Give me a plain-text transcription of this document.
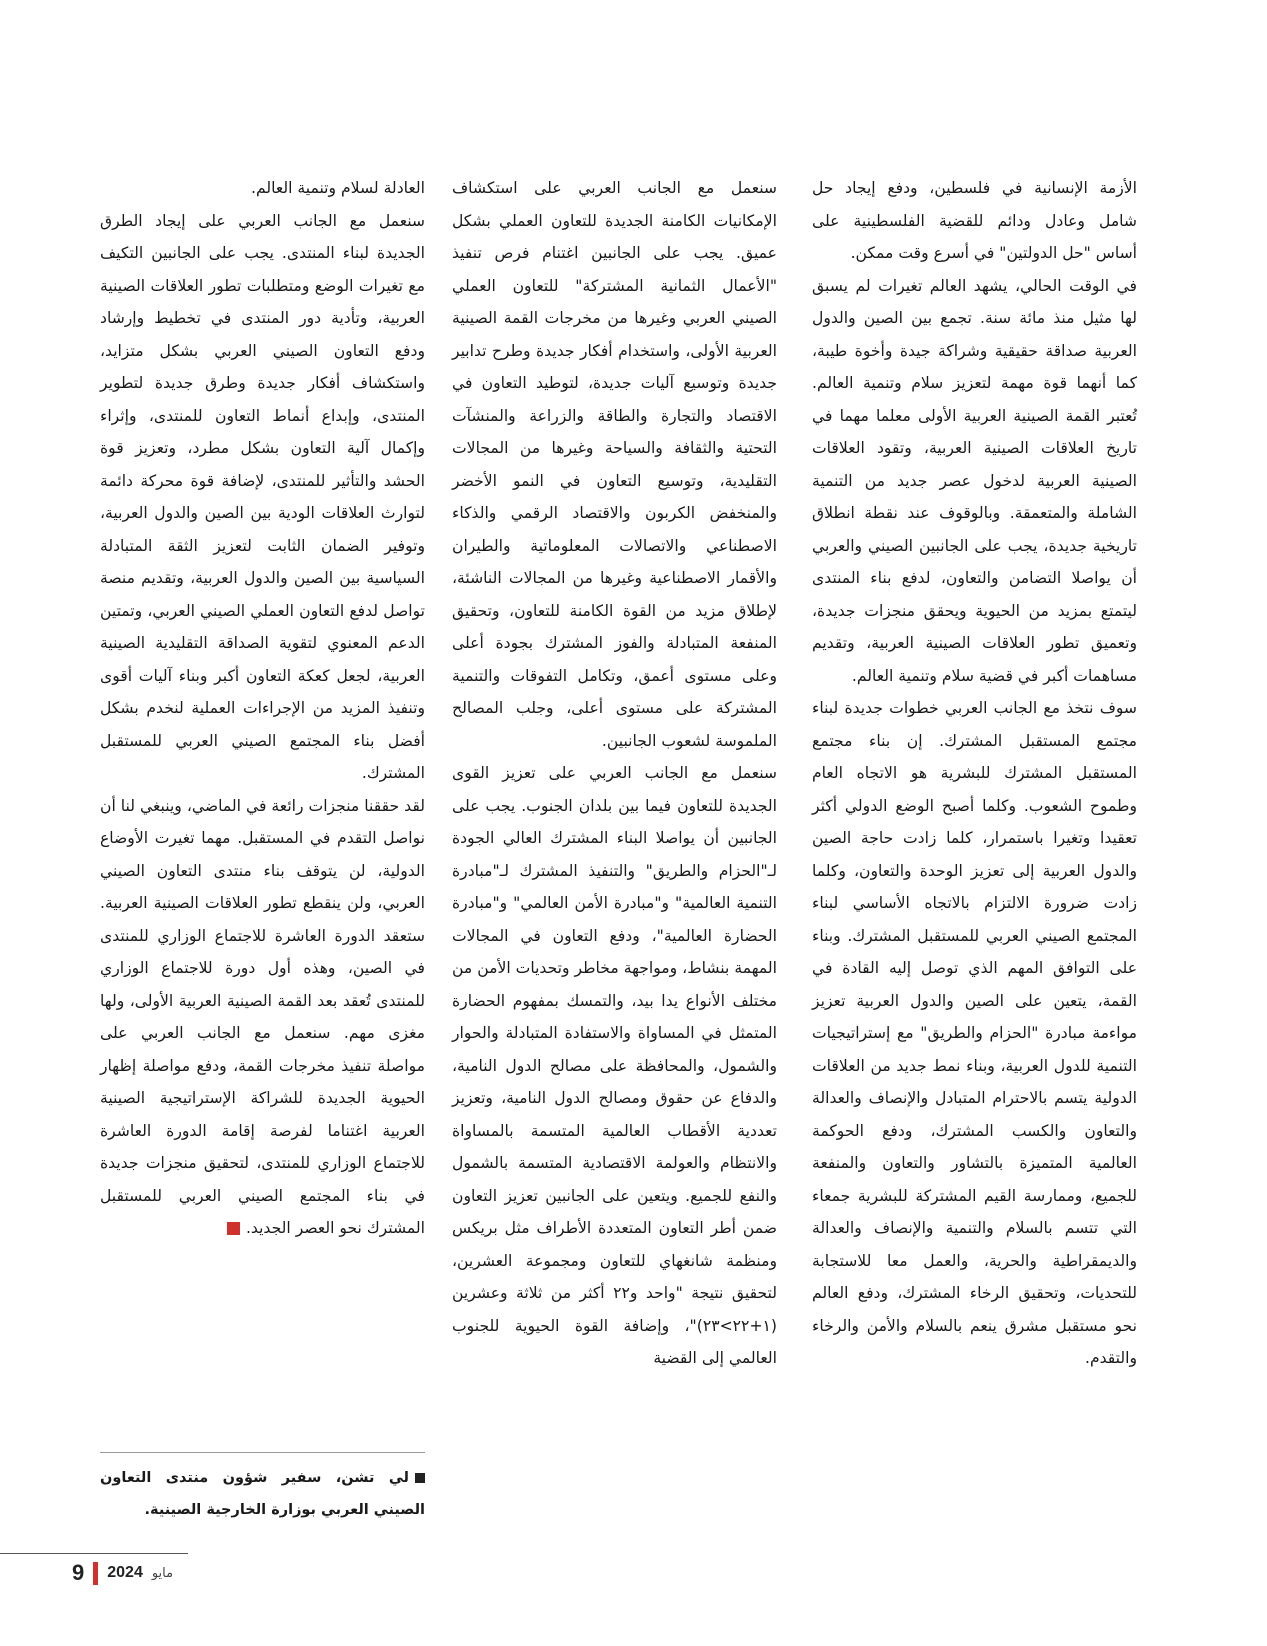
الأزمة الإنسانية في فلسطين، ودفع إيجاد حل شامل وعادل ودائم للقضية الفلسطينية على أساس "حل الدولتين" في أسرع وقت ممكن.

في الوقت الحالي، يشهد العالم تغيرات لم يسبق لها مثيل منذ مائة سنة. تجمع بين الصين والدول العربية صداقة حقيقية وشراكة جيدة وأخوة طيبة، كما أنهما قوة مهمة لتعزيز سلام وتنمية العالم. تُعتبر القمة الصينية العربية الأولى معلما مهما في تاريخ العلاقات الصينية العربية، وتقود العلاقات الصينية العربية لدخول عصر جديد من التنمية الشاملة والمتعمقة. وبالوقوف عند نقطة انطلاق تاريخية جديدة، يجب على الجانبين الصيني والعربي أن يواصلا التضامن والتعاون، لدفع بناء المنتدى ليتمتع بمزيد من الحيوية ويحقق منجزات جديدة، وتعميق تطور العلاقات الصينية العربية، وتقديم مساهمات أكبر في قضية سلام وتنمية العالم.

سوف نتخذ مع الجانب العربي خطوات جديدة لبناء مجتمع المستقبل المشترك. إن بناء مجتمع المستقبل المشترك للبشرية هو الاتجاه العام وطموح الشعوب. وكلما أصبح الوضع الدولي أكثر تعقيدا وتغيرا باستمرار، كلما زادت حاجة الصين والدول العربية إلى تعزيز الوحدة والتعاون، وكلما زادت ضرورة الالتزام بالاتجاه الأساسي لبناء المجتمع الصيني العربي للمستقبل المشترك. وبناء على التوافق المهم الذي توصل إليه القادة في القمة، يتعين على الصين والدول العربية تعزيز مواءمة مبادرة "الحزام والطريق" مع إستراتيجيات التنمية للدول العربية، وبناء نمط جديد من العلاقات الدولية يتسم بالاحترام المتبادل والإنصاف والعدالة والتعاون والكسب المشترك، ودفع الحوكمة العالمية المتميزة بالتشاور والتعاون والمنفعة للجميع، وممارسة القيم المشتركة للبشرية جمعاء التي تتسم بالسلام والتنمية والإنصاف والعدالة والديمقراطية والحرية، والعمل معا للاستجابة للتحديات، وتحقيق الرخاء المشترك، ودفع العالم نحو مستقبل مشرق ينعم بالسلام والأمن والرخاء والتقدم.

سنعمل مع الجانب العربي على استكشاف الإمكانيات الكامنة الجديدة للتعاون العملي بشكل عميق. يجب على الجانبين اغتنام فرص تنفيذ "الأعمال الثمانية المشتركة" للتعاون العملي الصيني العربي وغيرها من مخرجات القمة الصينية العربية الأولى، واستخدام أفكار جديدة وطرح تدابير جديدة وتوسيع آليات جديدة، لتوطيد التعاون في الاقتصاد والتجارة والطاقة والزراعة والمنشآت التحتية والثقافة والسياحة وغيرها من المجالات التقليدية، وتوسيع التعاون في النمو الأخضر والمنخفض الكربون والاقتصاد الرقمي والذكاء الاصطناعي والاتصالات المعلوماتية والطيران والأقمار الاصطناعية وغيرها من المجالات الناشئة، لإطلاق مزيد من القوة الكامنة للتعاون، وتحقيق المنفعة المتبادلة والفوز المشترك بجودة أعلى وعلى مستوى أعمق، وتكامل التفوقات والتنمية المشتركة على مستوى أعلى، وجلب المصالح الملموسة لشعوب الجانبين.

سنعمل مع الجانب العربي على تعزيز القوى الجديدة للتعاون فيما بين بلدان الجنوب. يجب على الجانبين أن يواصلا البناء المشترك العالي الجودة لـ"الحزام والطريق" والتنفيذ المشترك لـ"مبادرة التنمية العالمية" و"مبادرة الأمن العالمي" و"مبادرة الحضارة العالمية"، ودفع التعاون في المجالات المهمة بنشاط، ومواجهة مخاطر وتحديات الأمن من مختلف الأنواع يدا بيد، والتمسك بمفهوم الحضارة المتمثل في المساواة والاستفادة المتبادلة والحوار والشمول، والمحافظة على مصالح الدول النامية، والدفاع عن حقوق ومصالح الدول النامية، وتعزيز تعددية الأقطاب العالمية المتسمة بالمساواة والانتظام والعولمة الاقتصادية المتسمة بالشمول والنفع للجميع. ويتعين على الجانبين تعزيز التعاون ضمن أطر التعاون المتعددة الأطراف مثل بريكس ومنظمة شانغهاي للتعاون ومجموعة العشرين، لتحقيق نتيجة "واحد و٢٢ أكثر من ثلاثة وعشرين (١+٢٢>٢٣)"، وإضافة القوة الحيوية للجنوب العالمي إلى القضية

العادلة لسلام وتنمية العالم.

سنعمل مع الجانب العربي على إيجاد الطرق الجديدة لبناء المنتدى. يجب على الجانبين التكيف مع تغيرات الوضع ومتطلبات تطور العلاقات الصينية العربية، وتأدية دور المنتدى في تخطيط وإرشاد ودفع التعاون الصيني العربي بشكل متزايد، واستكشاف أفكار جديدة وطرق جديدة لتطوير المنتدى، وإبداع أنماط التعاون للمنتدى، وإثراء وإكمال آلية التعاون بشكل مطرد، وتعزيز قوة الحشد والتأثير للمنتدى، لإضافة قوة محركة دائمة لتوارث العلاقات الودية بين الصين والدول العربية، وتوفير الضمان الثابت لتعزيز الثقة المتبادلة السياسية بين الصين والدول العربية، وتقديم منصة تواصل لدفع التعاون العملي الصيني العربي، وتمتين الدعم المعنوي لتقوية الصداقة التقليدية الصينية العربية، لجعل كعكة التعاون أكبر وبناء آليات أقوى وتنفيذ المزيد من الإجراءات العملية لنخدم بشكل أفضل بناء المجتمع الصيني العربي للمستقبل المشترك.

لقد حققنا منجزات رائعة في الماضي، وينبغي لنا أن نواصل التقدم في المستقبل. مهما تغيرت الأوضاع الدولية، لن يتوقف بناء منتدى التعاون الصيني العربي، ولن ينقطع تطور العلاقات الصينية العربية. ستعقد الدورة العاشرة للاجتماع الوزاري للمنتدى في الصين، وهذه أول دورة للاجتماع الوزاري للمنتدى تُعقد بعد القمة الصينية العربية الأولى، ولها مغزى مهم. سنعمل مع الجانب العربي على مواصلة تنفيذ مخرجات القمة، ودفع مواصلة إظهار الحيوية الجديدة للشراكة الإستراتيجية الصينية العربية اغتناما لفرصة إقامة الدورة العاشرة للاجتماع الوزاري للمنتدى، لتحقيق منجزات جديدة في بناء المجتمع الصيني العربي للمستقبل المشترك نحو العصر الجديد.

لي تشن، سفير شؤون منتدى التعاون الصيني العربي بوزارة الخارجية الصينية.
9 2024 مايو
